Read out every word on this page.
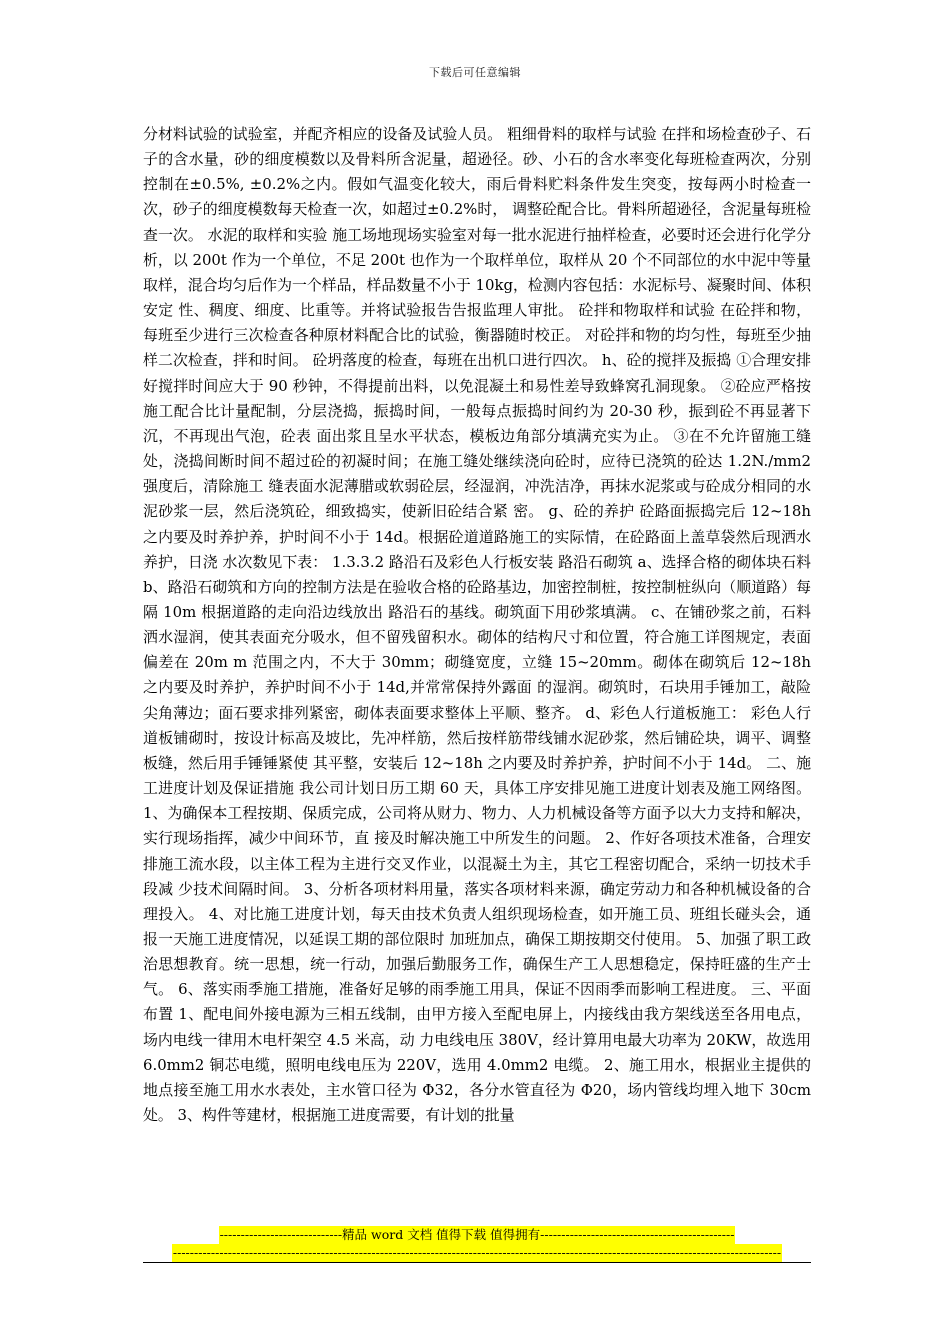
下载后可任意编辑

分材料试验的试验室，并配齐相应的设备及试验人员。 粗细骨料的取样与试验 在拌和场检查砂子、石子的含水量，砂的细度模数以及骨料所含泥量，超逊径。砂、小石的含水率变化每班检查两次，分别控制在±0.5%, ±0.2%之内。假如气温变化较大，雨后骨料贮料条件发生突变，按每两小时检查一次，砂子的细度模数每天检查一次，如超过±0.2%时， 调整砼配合比。骨料所超逊径，含泥量每班检查一次。 水泥的取样和实验 施工场地现场实验室对每一批水泥进行抽样检查，必要时还会进行化学分析，以 200t 作为一个单位，不足 200t 也作为一个取样单位，取样从 20 个不同部位的水中泥中等量取样，混合均匀后作为一个样品，样品数量不小于 10kg，检测内容包括：水泥标号、凝聚时间、体积安定 性、稠度、细度、比重等。并将试验报告告报监理人审批。 砼拌和物取样和试验 在砼拌和物，每班至少进行三次检查各种原材料配合比的试验，衡器随时校正。 对砼拌和物的均匀性，每班至少抽样二次检查，拌和时间。 砼坍落度的检查，每班在出机口进行四次。 h、砼的搅拌及振捣 ①合理安排好搅拌时间应大于 90 秒钟，不得提前出料，以免混凝土和易性差导致蜂窝孔洞现象。 ②砼应严格按施工配合比计量配制，分层浇捣，振捣时间，一般每点振捣时间约为 20-30 秒，振到砼不再显著下沉，不再现出气泡，砼表 面出浆且呈水平状态，模板边角部分填满充实为止。 ③在不允许留施工缝处，浇捣间断时间不超过砼的初凝时间；在施工缝处继续浇向砼时，应待已浇筑的砼达 1.2N./mm2 强度后，清除施工 缝表面水泥薄腊或软弱砼层，经湿润，冲洗洁净，再抹水泥浆或与砼成分相同的水泥砂浆一层，然后浇筑砼，细致捣实，使新旧砼结合紧 密。 g、砼的养护 砼路面振捣完后 12~18h 之内要及时养护养，护时间不小于 14d。根据砼道道路施工的实际情，在砼路面上盖草袋然后现洒水养护，日浇 水次数见下表： 1.3.3.2 路沿石及彩色人行板安装 路沿石砌筑 a、选择合格的砌体块石料 b、路沿石砌筑和方向的控制方法是在验收合格的砼路基边，加密控制桩，按控制桩纵向（顺道路）每隔 10m 根据道路的走向沿边线放出 路沿石的基线。砌筑面下用砂浆填满。 c、在铺砂浆之前，石料洒水湿润，使其表面充分吸水，但不留残留积水。砌体的结构尺寸和位置，符合施工详图规定，表面偏差在 20m m 范围之内，不大于 30mm；砌缝宽度，立缝 15~20mm。砌体在砌筑后 12~18h 之内要及时养护，养护时间不小于 14d,并常常保持外露面 的湿润。砌筑时，石块用手锤加工，敲险尖角薄边；面石要求排列紧密，砌体表面要求整体上平顺、整齐。 d、彩色人行道板施工： 彩色人行道板铺砌时，按设计标高及坡比，先冲样筋，然后按样筋带线铺水泥砂浆，然后铺砼块，调平、调整板缝，然后用手锤锤紧使 其平整，安装后 12~18h 之内要及时养护养，护时间不小于 14d。 二、施工进度计划及保证措施 我公司计划日历工期 60 天，具体工序安排见施工进度计划表及施工网络图。 1、为确保本工程按期、保质完成，公司将从财力、物力、人力机械设备等方面予以大力支持和解决，实行现场指挥，减少中间环节，直 接及时解决施工中所发生的问题。 2、作好各项技术准备，合理安排施工流水段，以主体工程为主进行交叉作业，以混凝土为主，其它工程密切配合，采纳一切技术手段减 少技术间隔时间。 3、分析各项材料用量，落实各项材料来源，确定劳动力和各种机械设备的合理投入。 4、对比施工进度计划，每天由技术负责人组织现场检查，如开施工员、班组长碰头会，通报一天施工进度情况，以延误工期的部位限时 加班加点，确保工期按期交付使用。 5、加强了职工政治思想教育。统一思想，统一行动，加强后勤服务工作，确保生产工人思想稳定，保持旺盛的生产士气。 6、落实雨季施工措施，准备好足够的雨季施工用具，保证不因雨季而影响工程进度。 三、平面布置 1、配电间外接电源为三相五线制，由甲方接入至配电屏上，内接线由我方架线送至各用电点，场内电线一律用木电杆架空 4.5 米高，动 力电线电压 380V，经计算用电最大功率为 20KW，故选用 6.0mm2 铜芯电缆，照明电线电压为 220V，选用 4.0mm2 电缆。 2、施工用水，根据业主提供的地点接至施工用水水表处，主水管口径为 Φ32，各分水管直径为 Φ20，场内管线均埋入地下 30cm 处。 3、构件等建材，根据施工进度需要，有计划的批量

-----------------------------精品 word 文档 值得下载 值得拥有----------------------------------------------
------------------------------------------------------------------------------------------------------------------------------------------------
